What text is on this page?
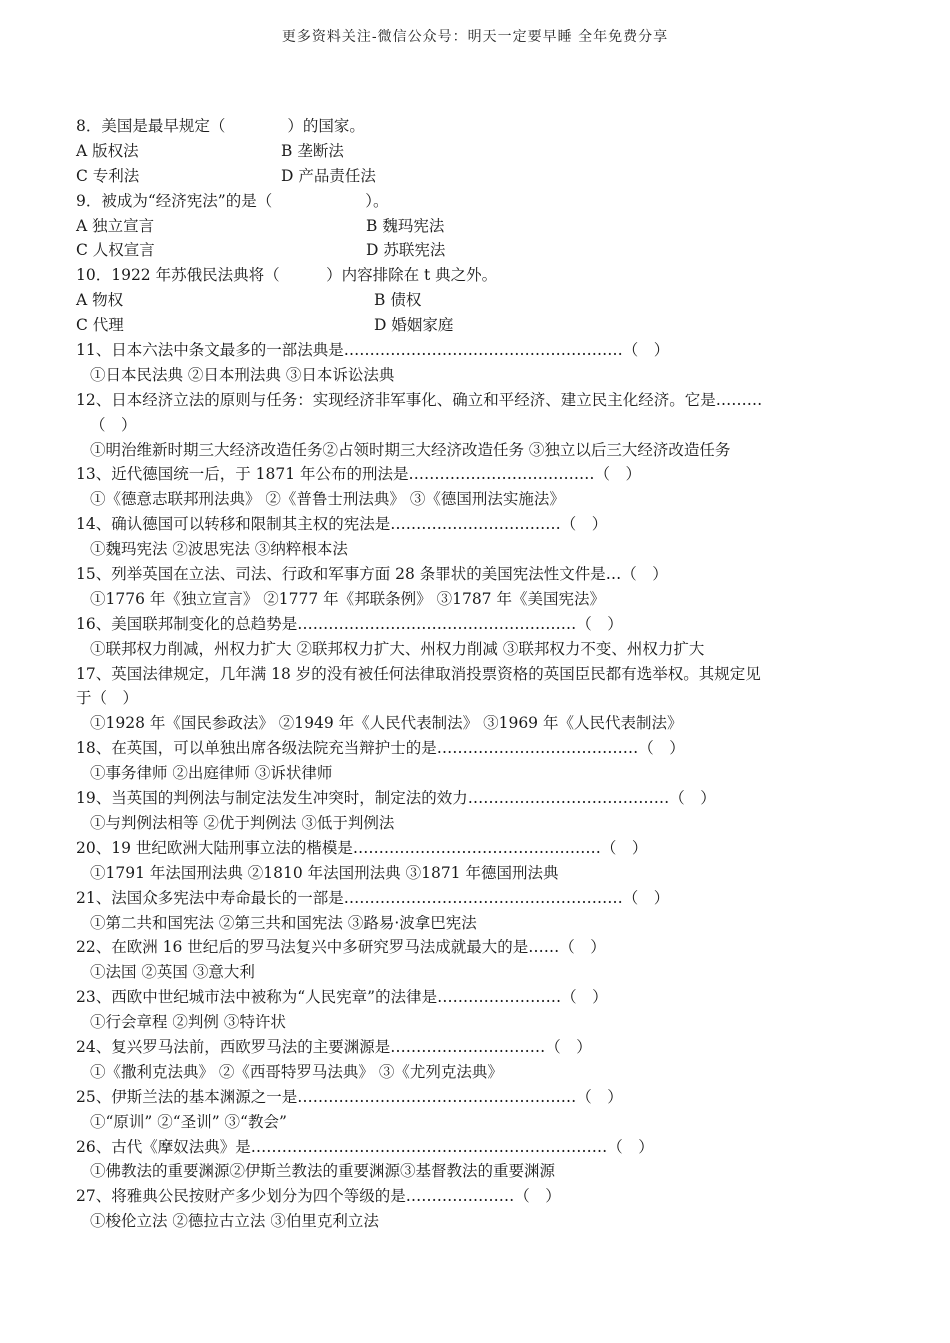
更多资料关注-微信公众号：明天一定要早睡 全年免费分享
8．美国是最早规定（　　　　）的国家。
A 版权法	B 垄断法
C 专利法	D 产品责任法
9．被成为“经济宪法”的是（　　　　　　）。
A 独立宣言	B 魏玛宪法
C 人权宣言	D 苏联宪法
10．1922 年苏俄民法典将（　　　）内容排除在 t 典之外。
A 物权	B 债权
C 代理	D 婚姻家庭
11、日本六法中条文最多的一部法典是………………………………………………（　）
①日本民法典 ②日本刑法典 ③日本诉讼法典
12、日本经济立法的原则与任务：实现经济非军事化、确立和平经济、建立民主化经济。它是………
（　）
①明治维新时期三大经济改造任务②占领时期三大经济改造任务 ③独立以后三大经济改造任务
13、近代德国统一后，于 1871 年公布的刑法是………………………………（　）
①《德意志联邦刑法典》 ②《普鲁士刑法典》 ③《德国刑法实施法》
14、确认德国可以转移和限制其主权的宪法是……………………………（　）
①魏玛宪法 ②波思宪法 ③纳粹根本法
15、列举英国在立法、司法、行政和军事方面 28 条罪状的美国宪法性文件是…（　）
①1776 年《独立宣言》 ②1777 年《邦联条例》 ③1787 年《美国宪法》
16、美国联邦制变化的总趋势是………………………………………………（　）
①联邦权力削减，州权力扩大 ②联邦权力扩大、州权力削减 ③联邦权力不变、州权力扩大
17、英国法律规定，几年满 18 岁的没有被任何法律取消投票资格的英国臣民都有选举权。其规定见
于（　）
①1928 年《国民参政法》 ②1949 年《人民代表制法》 ③1969 年《人民代表制法》
18、在英国，可以单独出席各级法院充当辩护士的是…………………………………（　）
①事务律师 ②出庭律师 ③诉状律师
19、当英国的判例法与制定法发生冲突时，制定法的效力…………………………………（　）
①与判例法相等 ②优于判例法 ③低于判例法
20、19 世纪欧洲大陆刑事立法的楷模是…………………………………………（　）
①1791 年法国刑法典 ②1810 年法国刑法典 ③1871 年德国刑法典
21、法国众多宪法中寿命最长的一部是………………………………………………（　）
①第二共和国宪法 ②第三共和国宪法 ③路易·波拿巴宪法
22、在欧洲 16 世纪后的罗马法复兴中多研究罗马法成就最大的是……（　）
①法国 ②英国 ③意大利
23、西欧中世纪城市法中被称为“人民宪章”的法律是……………………（　）
①行会章程 ②判例 ③特许状
24、复兴罗马法前，西欧罗马法的主要渊源是…………………………（　）
①《撒利克法典》 ②《西哥特罗马法典》 ③《尤列克法典》
25、伊斯兰法的基本渊源之一是………………………………………………（　）
①“原训” ②“圣训” ③“教会”
26、古代《摩奴法典》是……………………………………………………………（　）
①佛教法的重要渊源②伊斯兰教法的重要渊源③基督教法的重要渊源
27、将雅典公民按财产多少划分为四个等级的是…………………（　）
①梭伦立法 ②德拉古立法 ③伯里克利立法
